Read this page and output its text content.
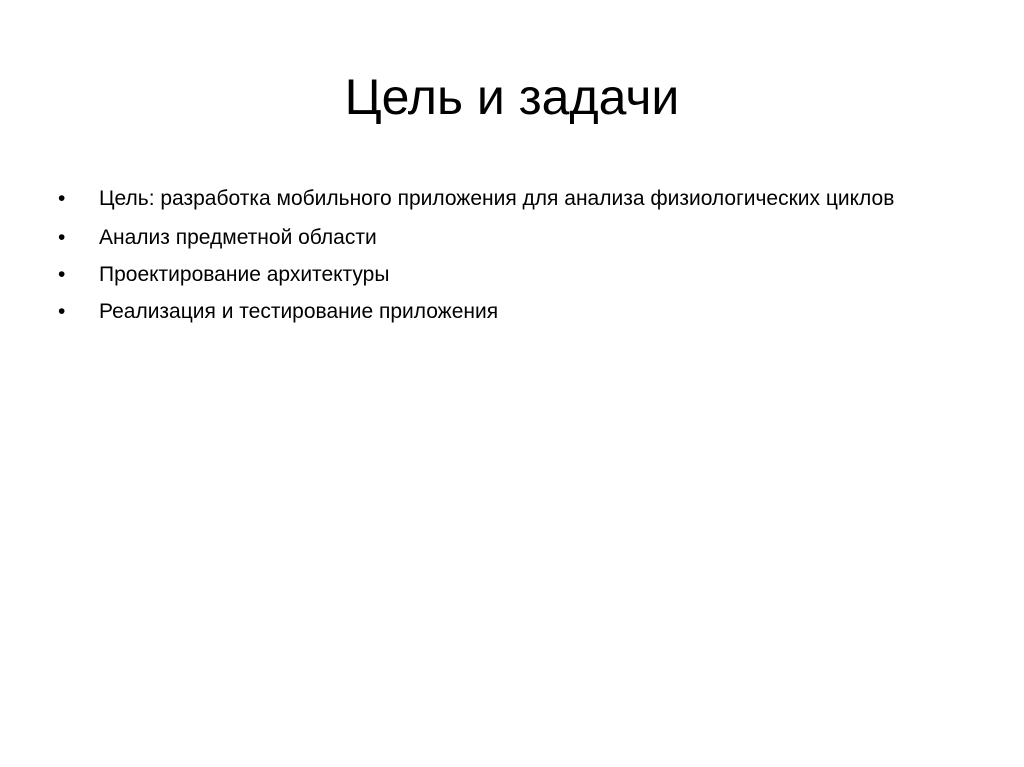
Цель и задачи
•	Цель: разработка мобильного приложения для анализа физиологических циклов
•	Анализ предметной области
•	Проектирование архитектуры
•	Реализация и тестирование приложения
